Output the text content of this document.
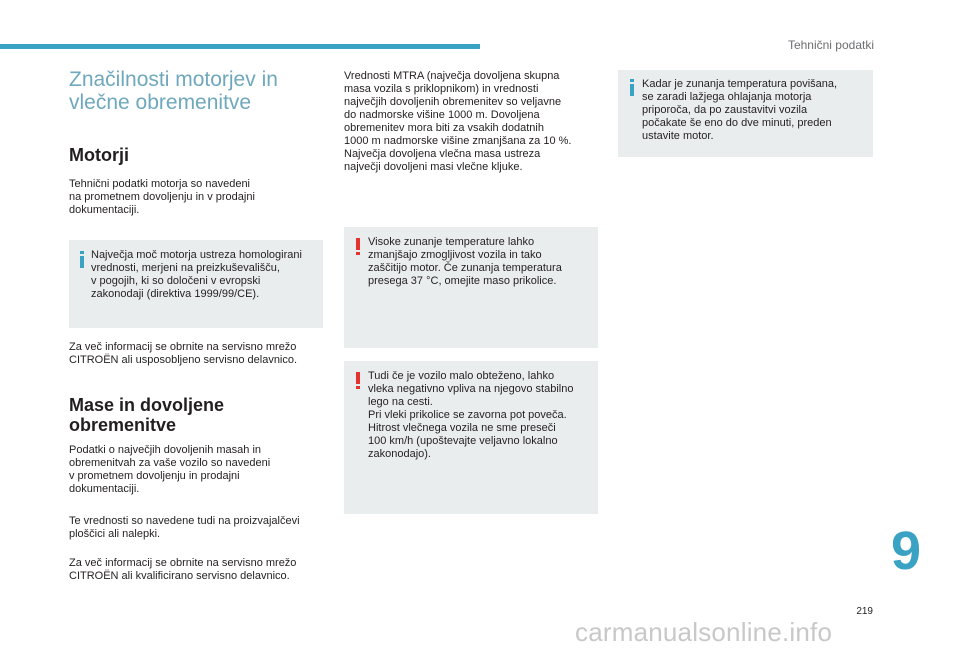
Tehnični podatki
Značilnosti motorjev in vlečne obremenitve
Motorji

Tehnični podatki motorja so navedeni
na prometnem dovoljenju in v prodajni
dokumentaciji.

Največja moč motorja ustreza homologirani
vrednosti, merjeni na preizkuševališču,
v pogojih, ki so določeni v evropski
zakonodaji (direktiva 1999/99/CE).

Za več informacij se obrnite na servisno mrežo
CITROËN ali usposobljeno servisno delavnico.

Mase in dovoljene obremenitve

Podatki o največjih dovoljenih masah in
obremenitvah za vaše vozilo so navedeni
v prometnem dovoljenju in prodajni
dokumentaciji.

Te vrednosti so navedene tudi na proizvajalčevi
ploščici ali nalepki.

Za več informacij se obrnite na servisno mrežo
CITROËN ali kvalificirano servisno delavnico.

Vrednosti MTRA (največja dovoljena skupna
masa vozila s priklopnikom) in vrednosti
največjih dovoljenih obremenitev so veljavne
do nadmorske višine 1000 m. Dovoljena
obremenitev mora biti za vsakih dodatnih
1000 m nadmorske višine zmanjšana za 10 %.
Največja dovoljena vlečna masa ustreza
največji dovoljeni masi vlečne kljuke.

Visoke zunanje temperature lahko
zmanjšajo zmogljivost vozila in tako
zaščitijo motor. Če zunanja temperatura
presega 37 °C, omejite maso prikolice.
Tudi če je vozilo malo obteženo, lahko
vleka negativno vpliva na njegovo stabilno
lego na cesti.
Pri vleki prikolice se zavorna pot poveča.
Hitrost vlečnega vozila ne sme preseči
100 km/h (upoštevajte veljavno lokalno
zakonodajo).
Kadar je zunanja temperatura povišana,
se zaradi lažjega ohlajanja motorja
priporoča, da po zaustavitvi vozila
počakate še eno do dve minuti, preden
ustavite motor.
9
219
carmanualsonline.info
